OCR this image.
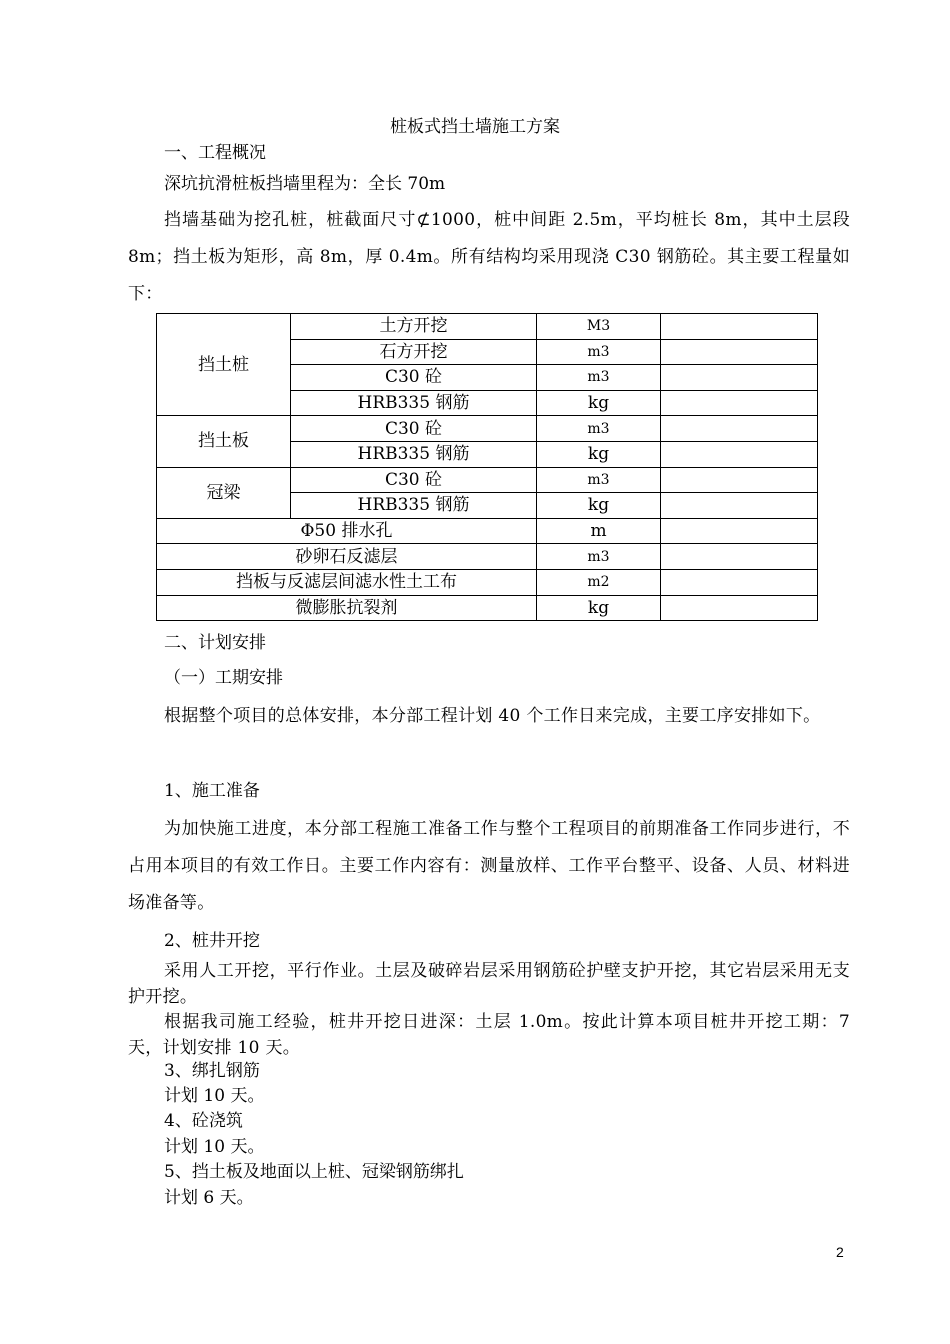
桩板式挡土墙施工方案
一、工程概况
深坑抗滑桩板挡墙里程为：全长 70m
挡墙基础为挖孔桩，桩截面尺寸⊄1000，桩中间距 2.5m，平均桩长 8m，其中土层段 8m；挡土板为矩形，高 8m，厚 0.4m。所有结构均采用现浇 C30 钢筋砼。其主要工程量如下：
挡土桩	土方开挖	M3	
	石方开挖	m3	
	C30 砼	m3	
	HRB335 钢筋	kg	
挡土板	C30 砼	m3	
	HRB335 钢筋	kg	
冠梁	C30 砼	m3	
	HRB335 钢筋	kg	
Φ50 排水孔		m	
砂卵石反滤层		m3	
挡板与反滤层间滤水性土工布		m2	
微膨胀抗裂剂		kg	
二、计划安排
（一）工期安排
根据整个项目的总体安排，本分部工程计划 40 个工作日来完成，主要工序安排如下。
1、施工准备
为加快施工进度，本分部工程施工准备工作与整个工程项目的前期准备工作同步进行，不占用本项目的有效工作日。主要工作内容有：测量放样、工作平台整平、设备、人员、材料进场准备等。
2、桩井开挖
采用人工开挖，平行作业。土层及破碎岩层采用钢筋砼护壁支护开挖，其它岩层采用无支护开挖。
根据我司施工经验，桩井开挖日进深：土层 1.0m。按此计算本项目桩井开挖工期：7 天，计划安排 10 天。
3、绑扎钢筋
计划 10 天。
4、砼浇筑
计划 10 天。
5、挡土板及地面以上桩、冠梁钢筋绑扎
计划 6 天。
2
